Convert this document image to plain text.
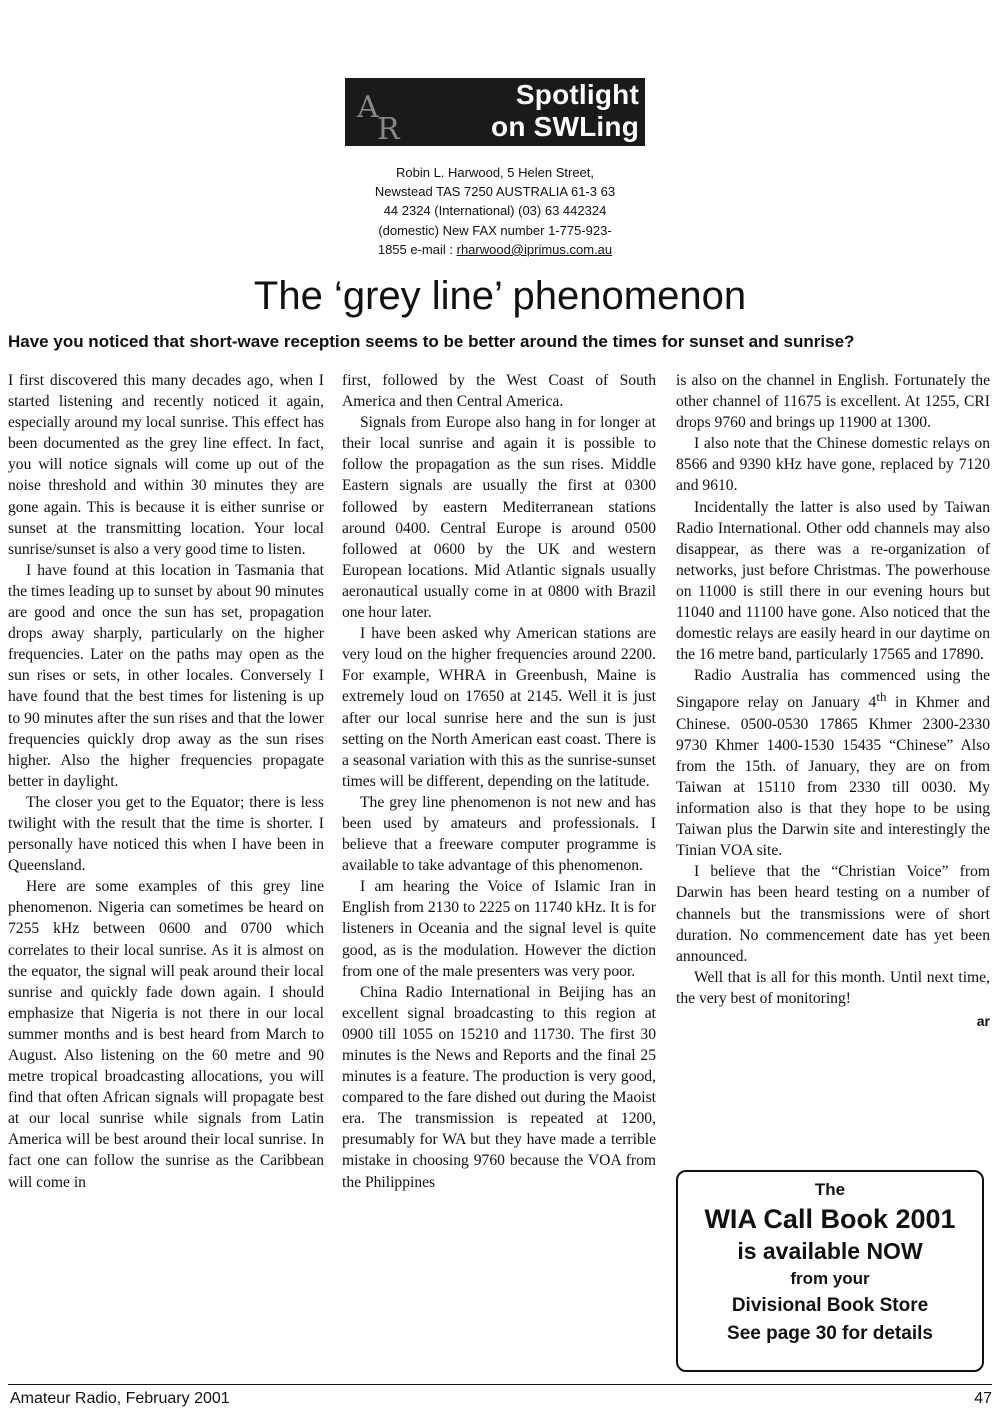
A
R
Spotlight
on SWLing
Robin L. Harwood, 5 Helen Street,
Newstead TAS 7250 AUSTRALIA 61-3 63
44 2324 (International) (03) 63 442324
(domestic) New FAX number 1-775-923-
1855 e-mail : rharwood@iprimus.com.au
The ‘grey line’ phenomenon
Have you noticed that short-wave reception seems to be better around the times for sunset and sunrise?

I first discovered this many decades ago, when I started listening and recently noticed it again, especially around my local sunrise. This effect has been documented as the grey line effect. In fact, you will notice signals will come up out of the noise threshold and within 30 minutes they are gone again. This is because it is either sunrise or sunset at the transmitting location. Your local sunrise/sunset is also a very good time to listen.

I have found at this location in Tasmania that the times leading up to sunset by about 90 minutes are good and once the sun has set, propagation drops away sharply, particularly on the higher frequencies. Later on the paths may open as the sun rises or sets, in other locales. Conversely I have found that the best times for listening is up to 90 minutes after the sun rises and that the lower frequencies quickly drop away as the sun rises higher. Also the higher frequencies propagate better in daylight.

The closer you get to the Equator; there is less twilight with the result that the time is shorter. I personally have noticed this when I have been in Queensland.

Here are some examples of this grey line phenomenon. Nigeria can sometimes be heard on 7255 kHz between 0600 and 0700 which correlates to their local sunrise. As it is almost on the equator, the signal will peak around their local sunrise and quickly fade down again. I should emphasize that Nigeria is not there in our local summer months and is best heard from March to August. Also listening on the 60 metre and 90 metre tropical broadcasting allocations, you will find that often African signals will propagate best at our local sunrise while signals from Latin America will be best around their local sunrise. In fact one can follow the sunrise as the Caribbean will come in

first, followed by the West Coast of South America and then Central America.

Signals from Europe also hang in for longer at their local sunrise and again it is possible to follow the propagation as the sun rises. Middle Eastern signals are usually the first at 0300 followed by eastern Mediterranean stations around 0400. Central Europe is around 0500 followed at 0600 by the UK and western European locations. Mid Atlantic signals usually aeronautical usually come in at 0800 with Brazil one hour later.

I have been asked why American stations are very loud on the higher frequencies around 2200. For example, WHRA in Greenbush, Maine is extremely loud on 17650 at 2145. Well it is just after our local sunrise here and the sun is just setting on the North American east coast. There is a seasonal variation with this as the sunrise-sunset times will be different, depending on the latitude.

The grey line phenomenon is not new and has been used by amateurs and professionals. I believe that a freeware computer programme is available to take advantage of this phenomenon.

I am hearing the Voice of Islamic Iran in English from 2130 to 2225 on 11740 kHz. It is for listeners in Oceania and the signal level is quite good, as is the modulation. However the diction from one of the male presenters was very poor.

China Radio International in Beijing has an excellent signal broadcasting to this region at 0900 till 1055 on 15210 and 11730. The first 30 minutes is the News and Reports and the final 25 minutes is a feature. The production is very good, compared to the fare dished out during the Maoist era. The transmission is repeated at 1200, presumably for WA but they have made a terrible mistake in choosing 9760 because the VOA from the Philippines

is also on the channel in English. Fortunately the other channel of 11675 is excellent. At 1255, CRI drops 9760 and brings up 11900 at 1300.

I also note that the Chinese domestic relays on 8566 and 9390 kHz have gone, replaced by 7120 and 9610.

Incidentally the latter is also used by Taiwan Radio International. Other odd channels may also disappear, as there was a re-organization of networks, just before Christmas. The powerhouse on 11000 is still there in our evening hours but 11040 and 11100 have gone. Also noticed that the domestic relays are easily heard in our daytime on the 16 metre band, particularly 17565 and 17890.

Radio Australia has commenced using the Singapore relay on January 4th in Khmer and Chinese. 0500-0530 17865 Khmer 2300-2330 9730 Khmer 1400-1530 15435 “Chinese” Also from the 15th. of January, they are on from Taiwan at 15110 from 2330 till 0030. My information also is that they hope to be using Taiwan plus the Darwin site and interestingly the Tinian VOA site.

I believe that the “Christian Voice” from Darwin has been heard testing on a number of channels but the transmissions were of short duration. No commencement date has yet been announced.

Well that is all for this month. Until next time, the very best of monitoring!

ar
The
WIA Call Book 2001
is available NOW
from your
Divisional Book Store
See page 30 for details
Amateur Radio, February 2001	47
